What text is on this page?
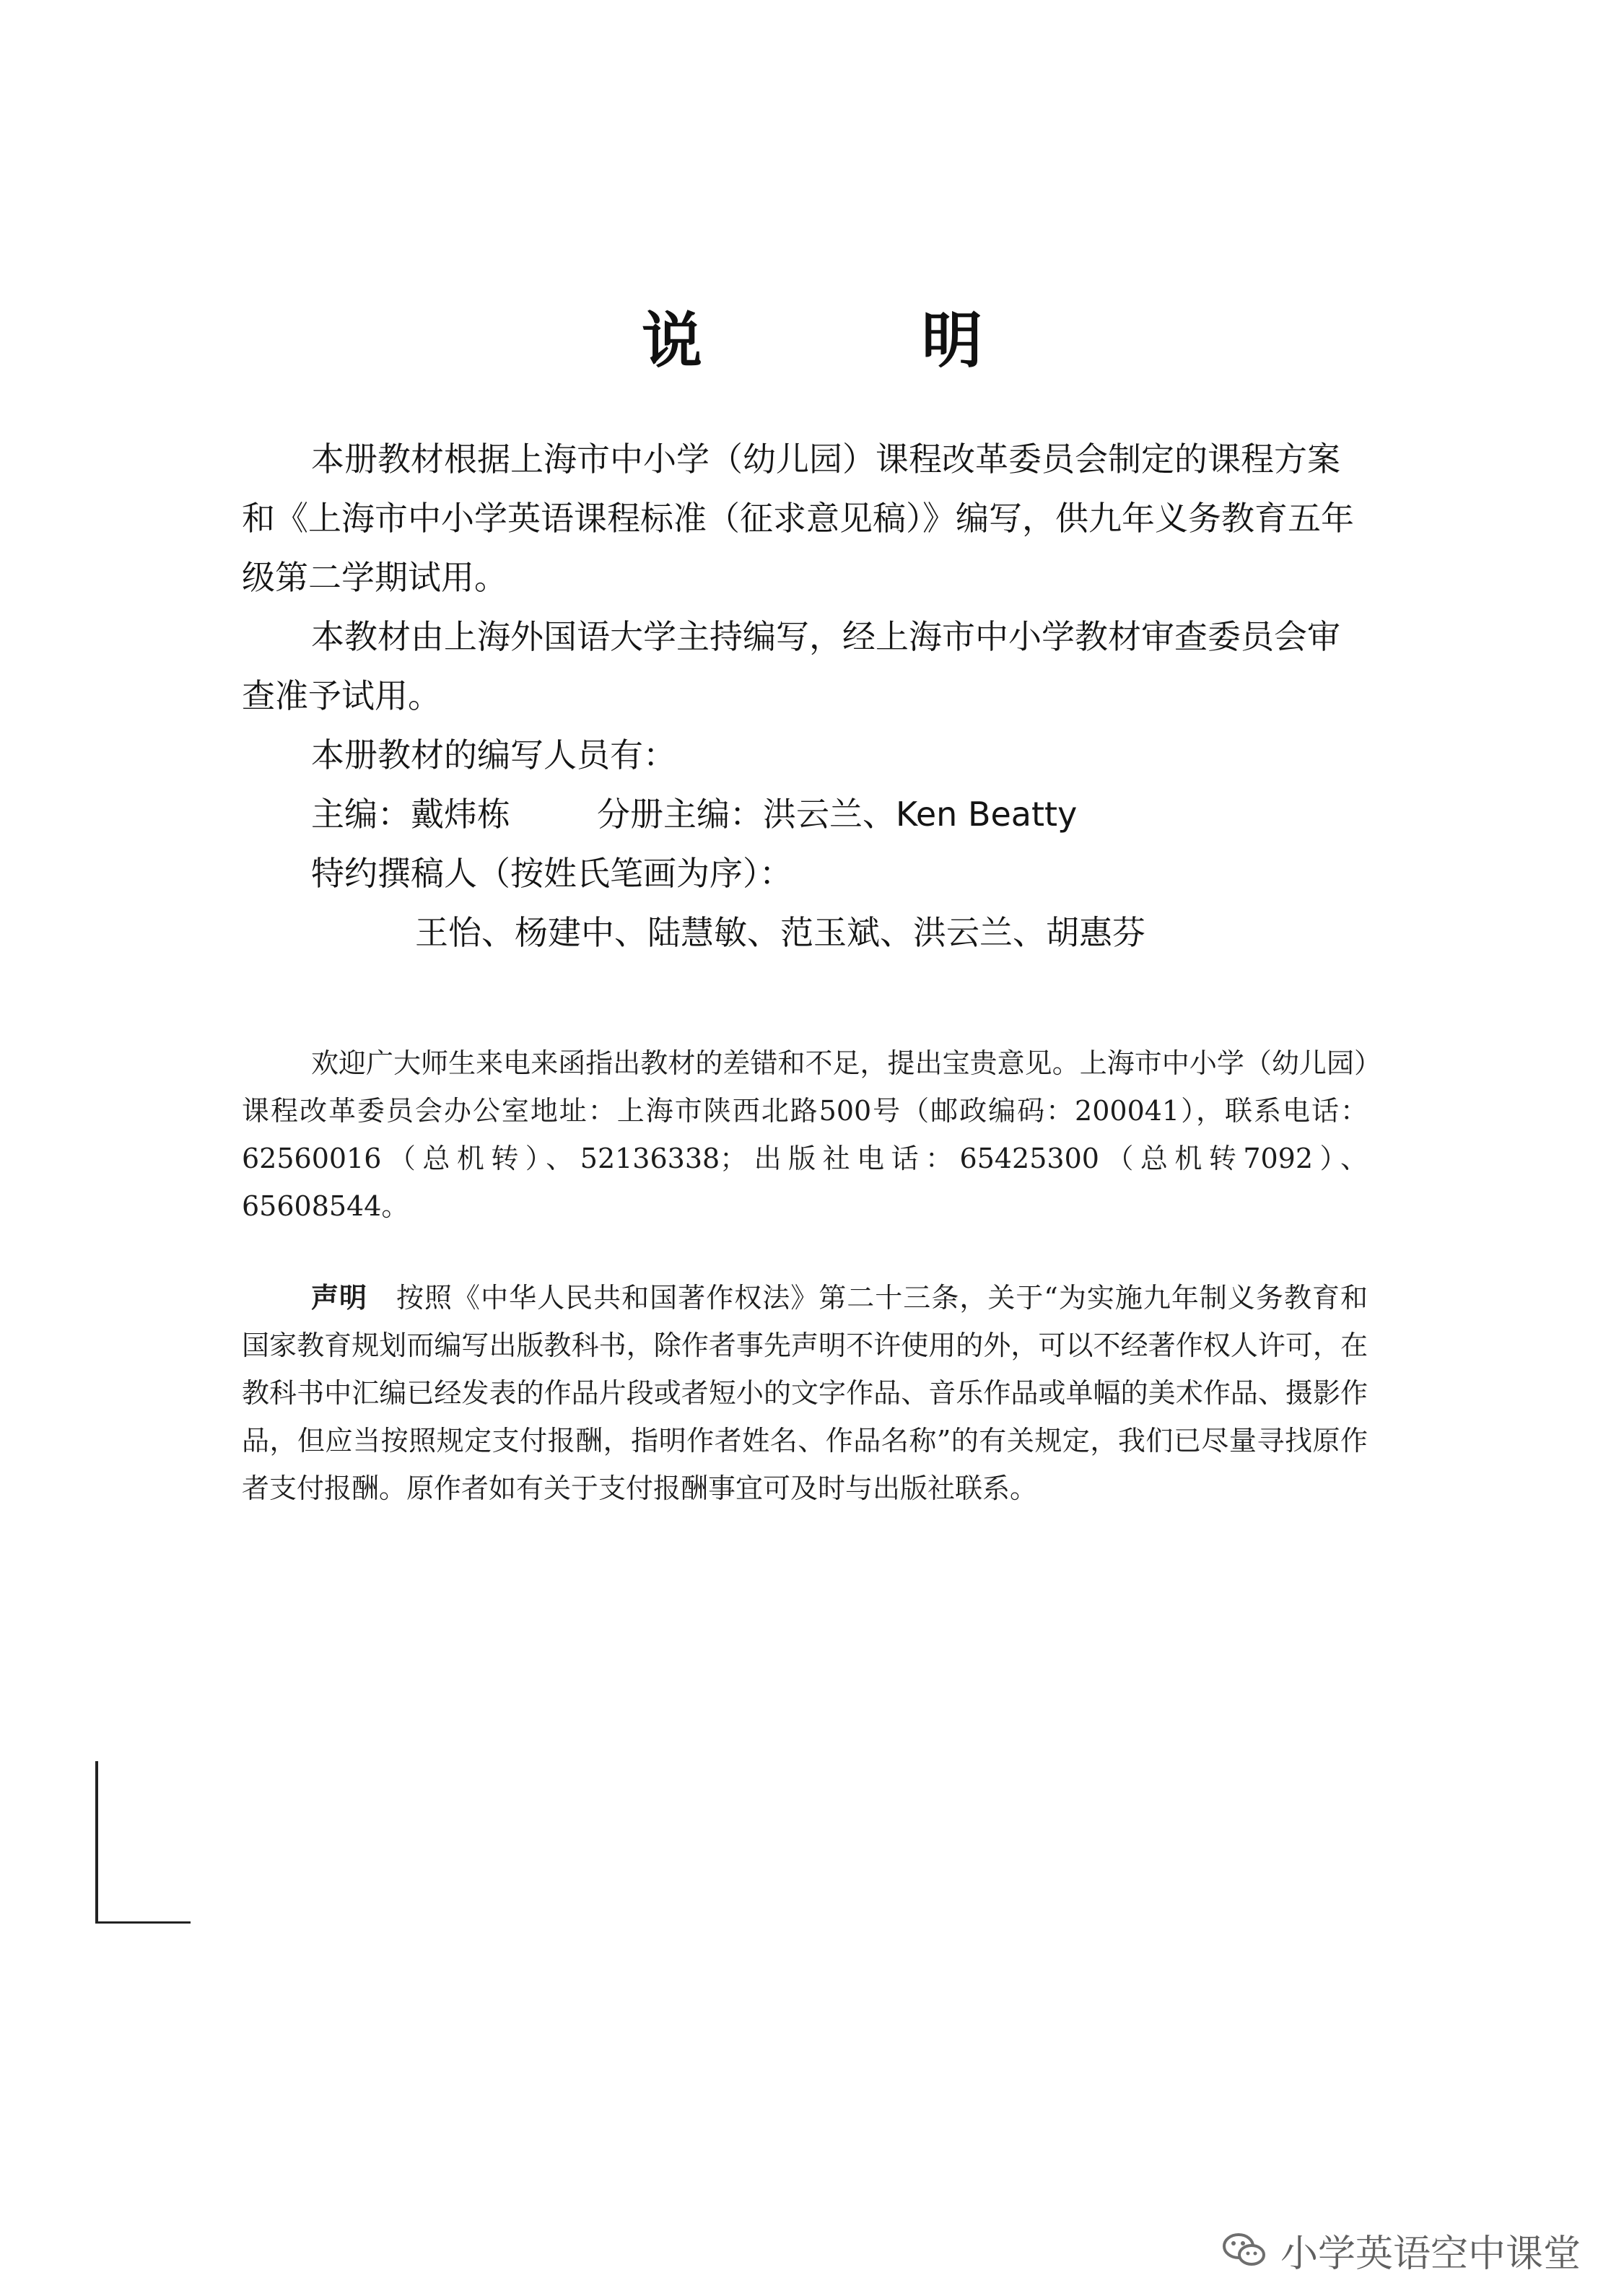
说　明

本册教材根据上海市中小学（幼儿园）课程改革委员会制定的课程方案和《上海市中小学英语课程标准（征求意见稿）》编写，供九年义务教育五年级第二学期试用。

本教材由上海外国语大学主持编写，经上海市中小学教材审查委员会审查准予试用。

本册教材的编写人员有：

主编：戴炜栋	分册主编：洪云兰、Ken Beatty

特约撰稿人（按姓氏笔画为序）：

王怡、杨建中、陆慧敏、范玉斌、洪云兰、胡惠芬

欢迎广大师生来电来函指出教材的差错和不足，提出宝贵意见。上海市中小学（幼儿园）课程改革委员会办公室地址：上海市陕西北路500号（邮政编码：200041），联系电话：62560016（总机转）、52136338；出版社电话：65425300（总机转7092）、65608544。

声明 按照《中华人民共和国著作权法》第二十三条，关于“为实施九年制义务教育和国家教育规划而编写出版教科书，除作者事先声明不许使用的外，可以不经著作权人许可，在教科书中汇编已经发表的作品片段或者短小的文字作品、音乐作品或单幅的美术作品、摄影作品，但应当按照规定支付报酬，指明作者姓名、作品名称”的有关规定，我们已尽量寻找原作者支付报酬。原作者如有关于支付报酬事宜可及时与出版社联系。

小学英语空中课堂
